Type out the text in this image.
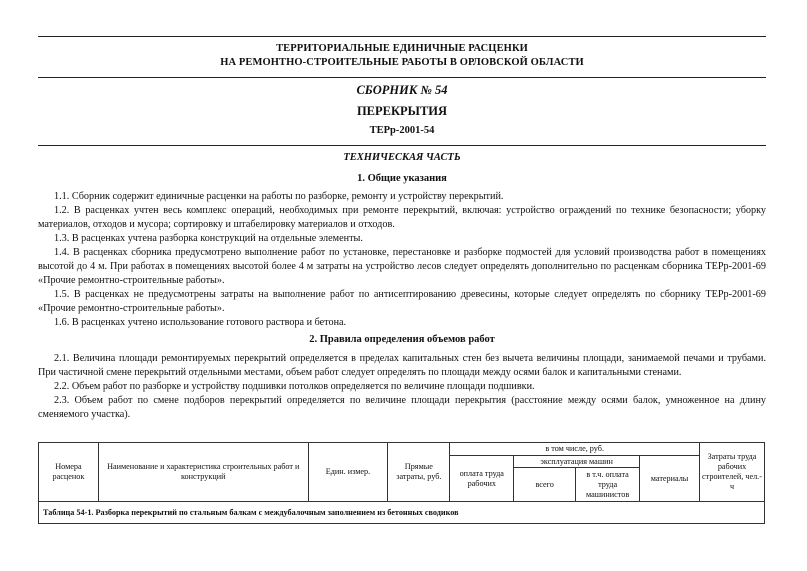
ТЕРРИТОРИАЛЬНЫЕ ЕДИНИЧНЫЕ РАСЦЕНКИ
НА РЕМОНТНО-СТРОИТЕЛЬНЫЕ РАБОТЫ В ОРЛОВСКОЙ ОБЛАСТИ
СБОРНИК № 54
ПЕРЕКРЫТИЯ
ТЕРр-2001-54
ТЕХНИЧЕСКАЯ ЧАСТЬ
1. Общие указания

1.1. Сборник содержит единичные расценки на работы по разборке, ремонту и устройству перекрытий.

1.2. В расценках учтен весь комплекс операций, необходимых при ремонте перекрытий, включая: устройство ограждений по технике безопасности; уборку материалов, отходов и мусора; сортировку и штабелировку материалов и отходов.

1.3. В расценках учтена разборка конструкций на отдельные элементы.

1.4. В расценках сборника предусмотрено выполнение работ по установке, перестановке и разборке подмостей для условий производства работ в помещениях высотой до 4 м. При работах в помещениях высотой более 4 м затраты на устройство лесов следует определять дополнительно по расценкам сборника ТЕРр-2001-69 «Прочие ремонтно-строительные работы».

1.5. В расценках не предусмотрены затраты на выполнение работ по антисептированию древесины, которые следует определять по сборнику ТЕРр-2001-69 «Прочие ремонтно-строительные работы».

1.6. В расценках учтено использование готового раствора и бетона.

2. Правила определения объемов работ

2.1. Величина площади ремонтируемых перекрытий определяется в пределах капитальных стен без вычета величины площади, занимаемой печами и трубами. При частичной смене перекрытий отдельными местами, объем работ следует определять по площади между осями балок и капитальными стенами.

2.2. Объем работ по разборке и устройству подшивки потолков определяется по величине площади подшивки.

2.3. Объем работ по смене подборов перекрытий определяется по величине площади перекрытия (расстояние между осями балок, умноженное на длину сменяемого участка).

Номера расценок	Наименование и характеристика строительных работ и конструкций	Един. измер.	Прямые затраты, руб.	в том числе, руб.				Затраты труда рабочих строителей, чел.-ч
				оплата труда рабочих	эксплуатация машин		материалы	
					всего	в т.ч. оплата труда машинистов		
Таблица 54-1. Разборка перекрытий по стальным балкам с междубалочным заполнением из бетонных сводиков								
